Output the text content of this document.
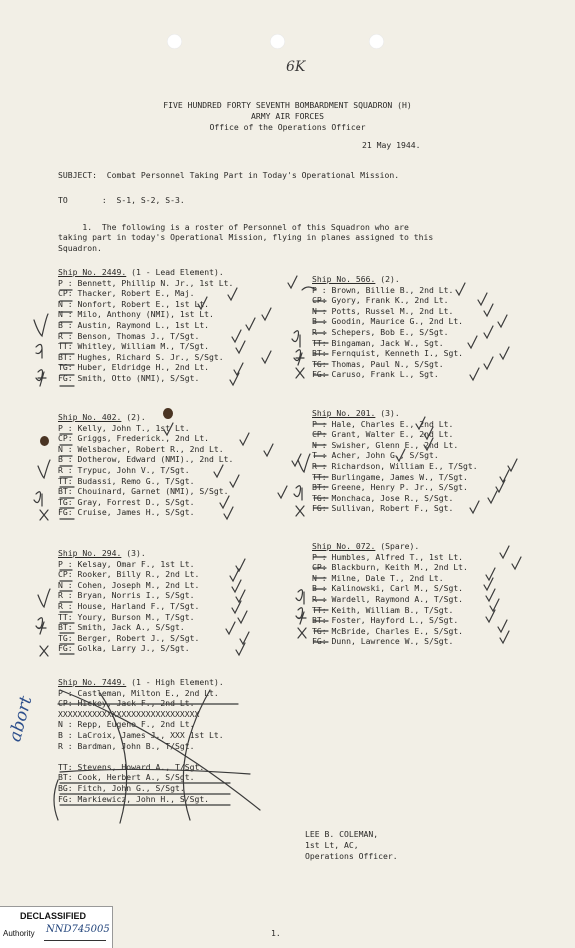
6K
FIVE HUNDRED FORTY SEVENTH BOMBARDMENT SQUADRON (H)
ARMY AIR FORCES
Office of the Operations Officer
21 May 1944.
SUBJECT:  Combat Personnel Taking Part in Today's Operational Mission.
TO       :  S-1, S-2, S-3.
1.  The following is a roster of Personnel of this Squadron who are
taking part in today's Operational Mission, flying in planes assigned to this
Squadron.
Ship No. 2449. (1 - Lead Element).
P : Bennett, Phillip N. Jr., 1st Lt.
CP: Thacker, Robert E., Maj.
N : Nonfort, Robert E., 1st Lt.
N : Milo, Anthony (NMI), 1st Lt.
B : Austin, Raymond L., 1st Lt.
R : Benson, Thomas J., T/Sgt.
TT: Whitley, William M., T/Sgt.
BT: Hughes, Richard S. Jr., S/Sgt.
TG: Huber, Eldridge H., 2nd Lt.
FG: Smith, Otto (NMI), S/Sgt.
Ship No. 402. (2).
P : Kelly, John T., 1st Lt.
CP: Griggs, Frederick., 2nd Lt.
N : Welsbacher, Robert R., 2nd Lt.
B : Dotherow, Edward (NMI)., 2nd Lt.
R : Trypuc, John V., T/Sgt.
TT: Budassi, Remo G., T/Sgt.
BT: Chouinard, Garnet (NMI), S/Sgt.
TG: Gray, Forrest D., S/Sgt.
FG: Cruise, James H., S/Sgt.
Ship No. 294. (3).
P : Kelsay, Omar F., 1st Lt.
CP: Rooker, Billy R., 2nd Lt.
N : Cohen, Joseph M., 2nd Lt.
R : Bryan, Norris I., S/Sgt.
R : House, Harland F., T/Sgt.
TT: Youry, Burson M., T/Sgt.
BT: Smith, Jack A., S/Sgt.
TG: Berger, Robert J., S/Sgt.
FG: Golka, Larry J., S/Sgt.
Ship No. 7449. (1 - High Element).
P : Castleman, Milton E., 2nd Lt.
CP: Hickey, Jack F., 2nd Lt.
XXXXXXXXXXXXXXXXXXXXXXXXXXXXX
N : Repp, Eugene F., 2nd Lt.
B : LaCroix, James J., XXX 1st Lt.
R : Bardman, John B., T/Sgt.
TT: Stevens, Howard A., T/Sgt.
BT: Cook, Herbert A., S/Sgt.
BG: Fitch, John G., S/Sgt.
FG: Markiewicz, John H., S/Sgt.
Ship No. 566. (2).
P : Brown, Billie B., 2nd Lt.
CP: Gyory, Frank K., 2nd Lt.
N : Potts, Russel M., 2nd Lt.
B : Goodin, Maurice G., 2nd Lt.
R : Schepers, Bob E., S/Sgt.
TT: Bingaman, Jack W., Sgt.
BT: Fernquist, Kenneth I., Sgt.
TG: Thomas, Paul N., S/Sgt.
FG: Caruso, Frank L., Sgt.
Ship No. 201. (3).
P : Hale, Charles E., 2nd Lt.
CP: Grant, Walter E., 2nd Lt.
N : Swisher, Glenn E., 2nd Lt.
T : Acher, John G., S/Sgt.
R : Richardson, William E., T/Sgt.
TT: Burlingame, James W., T/Sgt.
BT: Greene, Henry P. Jr., S/Sgt.
TG: Monchaca, Jose R., S/Sgt.
FG: Sullivan, Robert F., Sgt.
Ship No. 072. (Spare).
P : Humbles, Alfred T., 1st Lt.
CP: Blackburn, Keith M., 2nd Lt.
N : Milne, Dale T., 2nd Lt.
B : Kalinowski, Carl M., S/Sgt.
R : Wardell, Raymond A., T/Sgt.
TT: Keith, William B., T/Sgt.
BT: Foster, Hayford L., S/Sgt.
TG: McBride, Charles E., S/Sgt.
FG: Dunn, Lawrence W., S/Sgt.
abort
LEE B. COLEMAN,
1st Lt, AC,
Operations Officer.
1.
DECLASSIFIED
Authority NND745005
